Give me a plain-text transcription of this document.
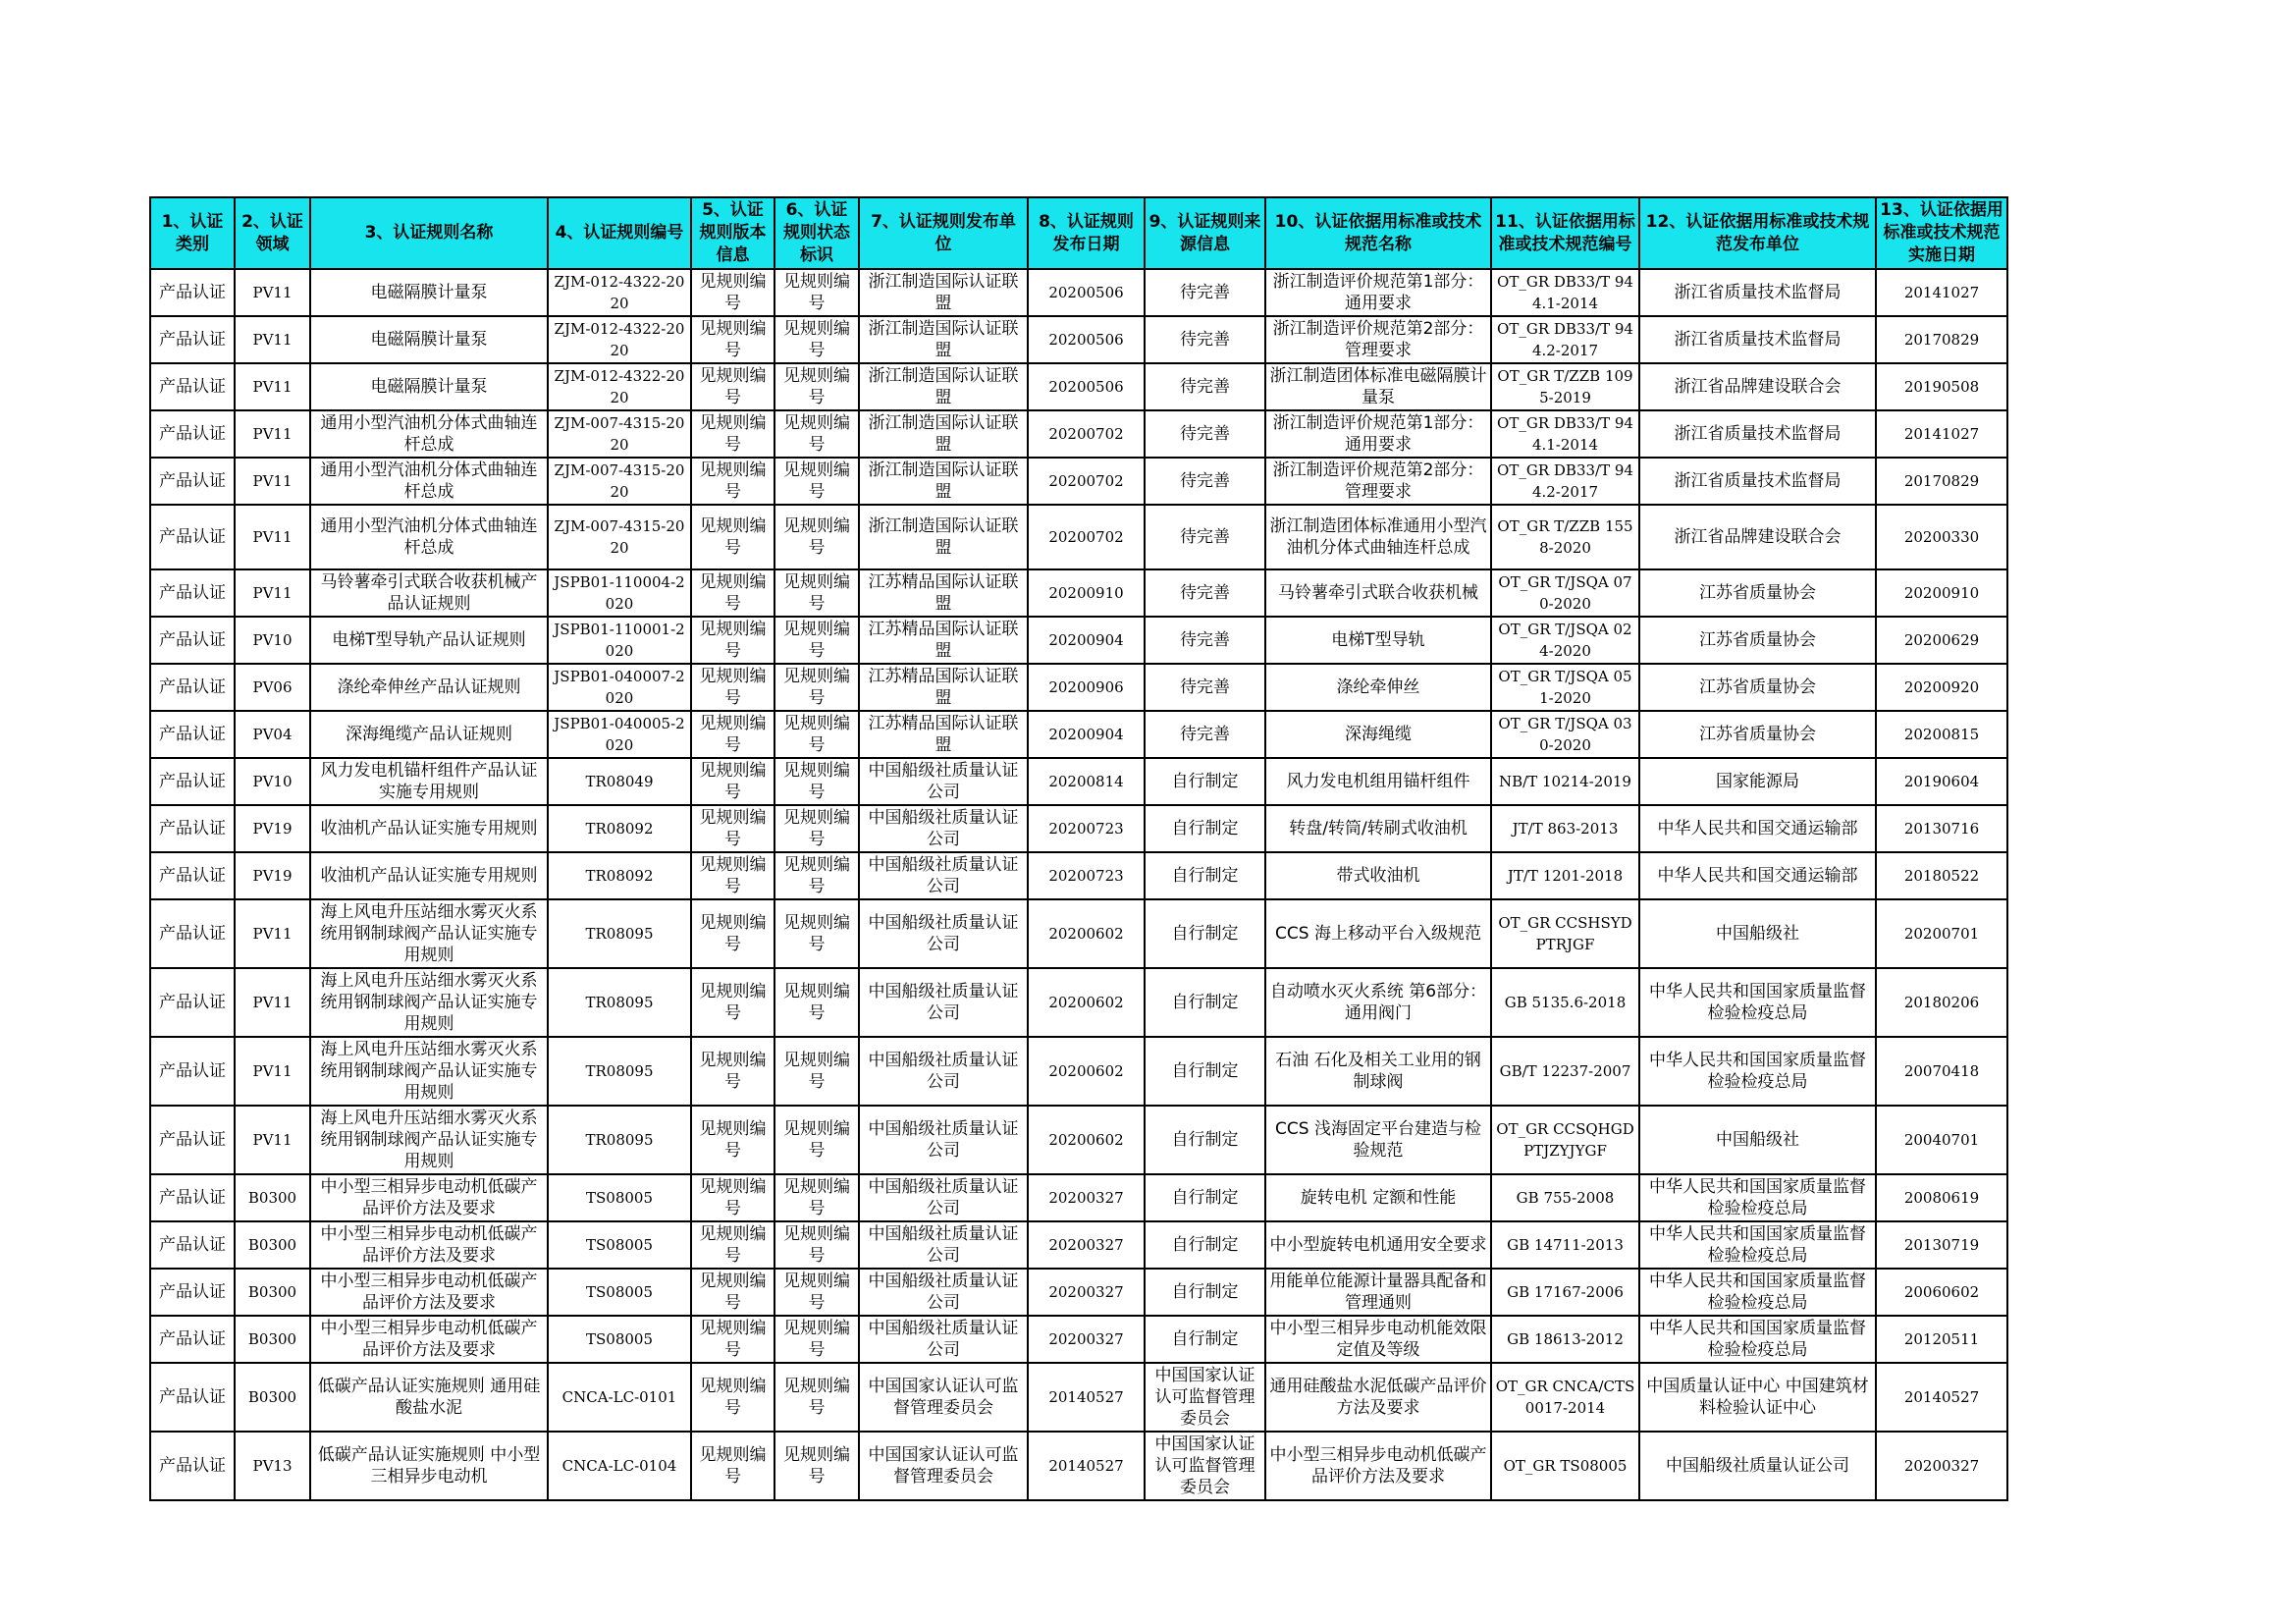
1、认证类别	2、认证领域	3、认证规则名称	4、认证规则编号	5、认证规则版本信息	6、认证规则状态标识	7、认证规则发布单位	8、认证规则发布日期	9、认证规则来源信息	10、认证依据用标准或技术规范名称	11、认证依据用标准或技术规范编号	12、认证依据用标准或技术规范发布单位	13、认证依据用标准或技术规范实施日期

产品认证	PV11	电磁隔膜计量泵	ZJM-012-4322-2020	见规则编号	见规则编号	浙江制造国际认证联盟	20200506	待完善	浙江制造评价规范第1部分：通用要求	OT_GR DB33/T 944.1-2014	浙江省质量技术监督局	20141027

产品认证	PV11	电磁隔膜计量泵	ZJM-012-4322-2020	见规则编号	见规则编号	浙江制造国际认证联盟	20200506	待完善	浙江制造评价规范第2部分：管理要求	OT_GR DB33/T 944.2-2017	浙江省质量技术监督局	20170829

产品认证	PV11	电磁隔膜计量泵	ZJM-012-4322-2020	见规则编号	见规则编号	浙江制造国际认证联盟	20200506	待完善	浙江制造团体标准电磁隔膜计量泵	OT_GR T/ZZB 1095-2019	浙江省品牌建设联合会	20190508

产品认证	PV11	通用小型汽油机分体式曲轴连杆总成	ZJM-007-4315-2020	见规则编号	见规则编号	浙江制造国际认证联盟	20200702	待完善	浙江制造评价规范第1部分：通用要求	OT_GR DB33/T 944.1-2014	浙江省质量技术监督局	20141027

产品认证	PV11	通用小型汽油机分体式曲轴连杆总成	ZJM-007-4315-2020	见规则编号	见规则编号	浙江制造国际认证联盟	20200702	待完善	浙江制造评价规范第2部分：管理要求	OT_GR DB33/T 944.2-2017	浙江省质量技术监督局	20170829

产品认证	PV11	通用小型汽油机分体式曲轴连杆总成	ZJM-007-4315-2020	见规则编号	见规则编号	浙江制造国际认证联盟	20200702	待完善	浙江制造团体标准通用小型汽油机分体式曲轴连杆总成	OT_GR T/ZZB 1558-2020	浙江省品牌建设联合会	20200330

产品认证	PV11	马铃薯牵引式联合收获机械产品认证规则	JSPB01-110004-2020	见规则编号	见规则编号	江苏精品国际认证联盟	20200910	待完善	马铃薯牵引式联合收获机械	OT_GR T/JSQA 070-2020	江苏省质量协会	20200910

产品认证	PV10	电梯T型导轨产品认证规则	JSPB01-110001-2020	见规则编号	见规则编号	江苏精品国际认证联盟	20200904	待完善	电梯T型导轨	OT_GR T/JSQA 024-2020	江苏省质量协会	20200629

产品认证	PV06	涤纶牵伸丝产品认证规则	JSPB01-040007-2020	见规则编号	见规则编号	江苏精品国际认证联盟	20200906	待完善	涤纶牵伸丝	OT_GR T/JSQA 051-2020	江苏省质量协会	20200920

产品认证	PV04	深海绳缆产品认证规则	JSPB01-040005-2020	见规则编号	见规则编号	江苏精品国际认证联盟	20200904	待完善	深海绳缆	OT_GR T/JSQA 030-2020	江苏省质量协会	20200815

产品认证	PV10	风力发电机锚杆组件产品认证实施专用规则	TR08049	见规则编号	见规则编号	中国船级社质量认证公司	20200814	自行制定	风力发电机组用锚杆组件	NB/T 10214-2019	国家能源局	20190604

产品认证	PV19	收油机产品认证实施专用规则	TR08092	见规则编号	见规则编号	中国船级社质量认证公司	20200723	自行制定	转盘/转筒/转刷式收油机	JT/T 863-2013	中华人民共和国交通运输部	20130716

产品认证	PV19	收油机产品认证实施专用规则	TR08092	见规则编号	见规则编号	中国船级社质量认证公司	20200723	自行制定	带式收油机	JT/T 1201-2018	中华人民共和国交通运输部	20180522

产品认证	PV11	海上风电升压站细水雾灭火系统用钢制球阀产品认证实施专用规则	TR08095	见规则编号	见规则编号	中国船级社质量认证公司	20200602	自行制定	CCS 海上移动平台入级规范	OT_GR CCSHSYDPTRJGF	中国船级社	20200701

产品认证	PV11	海上风电升压站细水雾灭火系统用钢制球阀产品认证实施专用规则	TR08095	见规则编号	见规则编号	中国船级社质量认证公司	20200602	自行制定	自动喷水灭火系统 第6部分：通用阀门	GB 5135.6-2018	中华人民共和国国家质量监督检验检疫总局	20180206

产品认证	PV11	海上风电升压站细水雾灭火系统用钢制球阀产品认证实施专用规则	TR08095	见规则编号	见规则编号	中国船级社质量认证公司	20200602	自行制定	石油 石化及相关工业用的钢制球阀	GB/T 12237-2007	中华人民共和国国家质量监督检验检疫总局	20070418

产品认证	PV11	海上风电升压站细水雾灭火系统用钢制球阀产品认证实施专用规则	TR08095	见规则编号	见规则编号	中国船级社质量认证公司	20200602	自行制定	CCS 浅海固定平台建造与检验规范	OT_GR CCSQHGDPTJZYJYGF	中国船级社	20040701

产品认证	B0300	中小型三相异步电动机低碳产品评价方法及要求	TS08005	见规则编号	见规则编号	中国船级社质量认证公司	20200327	自行制定	旋转电机 定额和性能	GB 755-2008	中华人民共和国国家质量监督检验检疫总局	20080619

产品认证	B0300	中小型三相异步电动机低碳产品评价方法及要求	TS08005	见规则编号	见规则编号	中国船级社质量认证公司	20200327	自行制定	中小型旋转电机通用安全要求	GB 14711-2013	中华人民共和国国家质量监督检验检疫总局	20130719

产品认证	B0300	中小型三相异步电动机低碳产品评价方法及要求	TS08005	见规则编号	见规则编号	中国船级社质量认证公司	20200327	自行制定	用能单位能源计量器具配备和管理通则	GB 17167-2006	中华人民共和国国家质量监督检验检疫总局	20060602

产品认证	B0300	中小型三相异步电动机低碳产品评价方法及要求	TS08005	见规则编号	见规则编号	中国船级社质量认证公司	20200327	自行制定	中小型三相异步电动机能效限定值及等级	GB 18613-2012	中华人民共和国国家质量监督检验检疫总局	20120511

产品认证	B0300	低碳产品认证实施规则 通用硅酸盐水泥	CNCA-LC-0101	见规则编号	见规则编号	中国国家认证认可监督管理委员会	20140527	中国国家认证认可监督管理委员会	通用硅酸盐水泥低碳产品评价方法及要求	OT_GR CNCA/CTS0017-2014	中国质量认证中心 中国建筑材料检验认证中心	20140527

产品认证	PV13	低碳产品认证实施规则 中小型三相异步电动机	CNCA-LC-0104	见规则编号	见规则编号	中国国家认证认可监督管理委员会	20140527	中国国家认证认可监督管理委员会	中小型三相异步电动机低碳产品评价方法及要求	OT_GR TS08005	中国船级社质量认证公司	20200327
